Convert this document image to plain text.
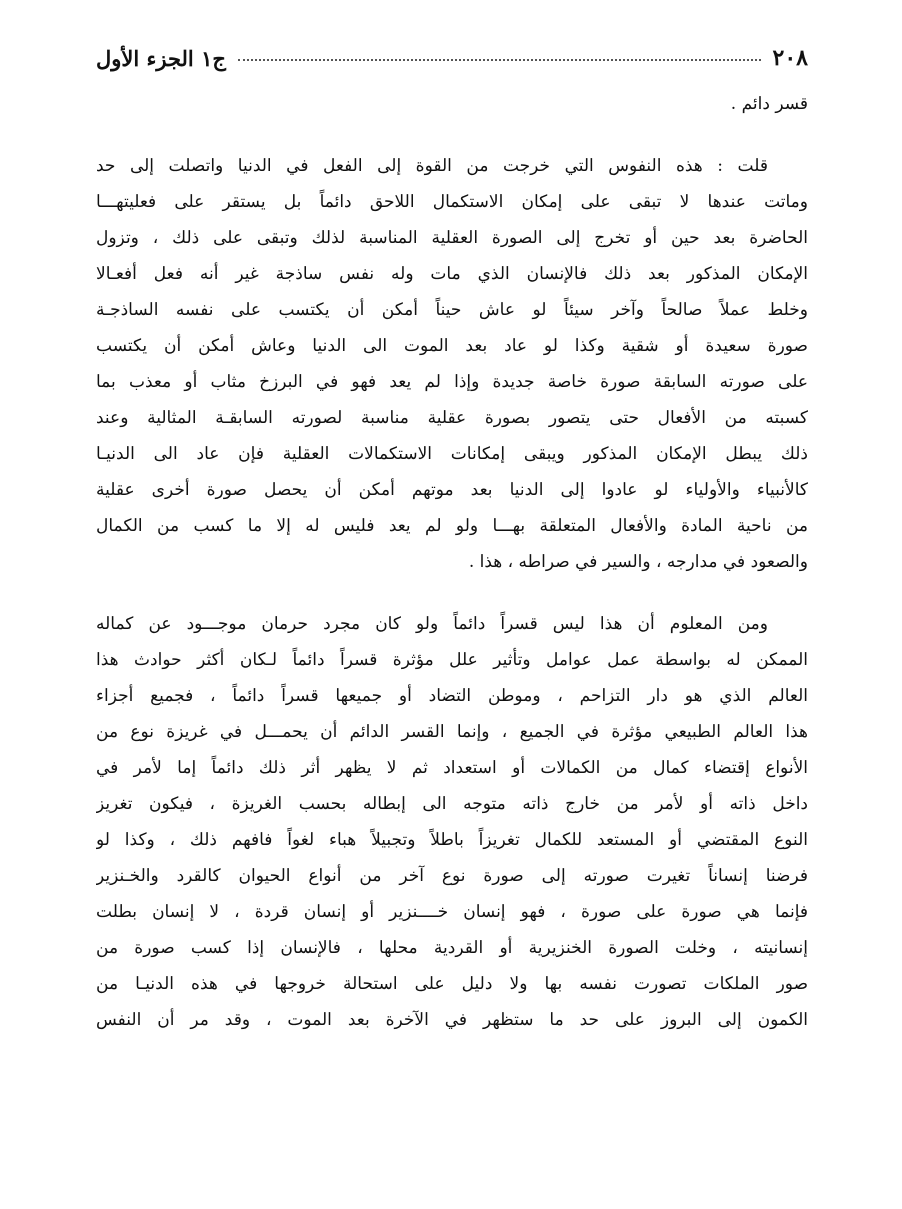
٢٠٨
ج١ الجزء الأول
قسر دائم .
قلت : هذه النفوس التي خرجت من القوة إلى الفعل في الدنيا واتصلت إلى حد
وماتت عندها لا تبقى على إمكان الاستكمال اللاحق دائماً بل يستقر على فعليتهـــا
الحاضرة بعد حين أو تخرج إلى الصورة العقلية المناسبة لذلك وتبقى على ذلك ، وتزول
الإمكان المذكور بعد ذلك فالإنسان الذي مات وله نفس ساذجة غير أنه فعل أفعـالا
وخلط عملاً صالحاً وآخر سيئاً لو عاش حيناً أمكن أن يكتسب على نفسه الساذجـة
صورة سعيدة أو شقية وكذا لو عاد بعد الموت الى الدنيا وعاش أمكن أن يكتسب
على صورته السابقة صورة خاصة جديدة وإذا لم يعد فهو في البرزخ مثاب أو معذب بما
كسبته من الأفعال حتى يتصور بصورة عقلية مناسبة لصورته السابقـة المثالية وعند
ذلك يبطل الإمكان المذكور ويبقى إمكانات الاستكمالات العقلية فإن عاد الى الدنيـا
كالأنبياء والأولياء لو عادوا إلى الدنيا بعد موتهم أمكن أن يحصل صورة أخرى عقلية
من ناحية المادة والأفعال المتعلقة بهـــا ولو لم يعد فليس له إلا ما كسب من الكمال
والصعود في مدارجه ، والسير في صراطه ، هذا .
ومن المعلوم أن هذا ليس قسراً دائماً ولو كان مجرد حرمان موجـــود عن كماله
الممكن له بواسطة عمل عوامل وتأثير علل مؤثرة قسراً دائماً لـكان أكثر حوادث هذا
العالم الذي هو دار التزاحم ، وموطن التضاد أو جميعها قسراً دائماً ، فجميع أجزاء
هذا العالم الطبيعي مؤثرة في الجميع ، وإنما القسر الدائم أن يحمـــل في غريزة نوع من
الأنواع إقتضاء كمال من الكمالات أو استعداد ثم لا يظهر أثر ذلك دائماً إما لأمر في
داخل ذاته أو لأمر من خارج ذاته متوجه الى إبطاله بحسب الغريزة ، فيكون تغريز
النوع المقتضي أو المستعد للكمال تغريزاً باطلاً وتجبيلاً هباء لغواً فافهم ذلك ، وكذا لو
فرضنا إنساناً تغيرت صورته إلى صورة نوع آخر من أنواع الحيوان كالقرد والخـنزير
فإنما هي صورة على صورة ، فهو إنسان خــــنزير أو إنسان قردة ، لا إنسان بطلت
إنسانيته ، وخلت الصورة الخنزيرية أو القردية محلها ، فالإنسان إذا كسب صورة من
صور الملكات تصورت نفسه بها ولا دليل على استحالة خروجها في هذه الدنيـا من
الكمون إلى البروز على حد ما ستظهر في الآخرة بعد الموت ، وقد مر أن النفس
